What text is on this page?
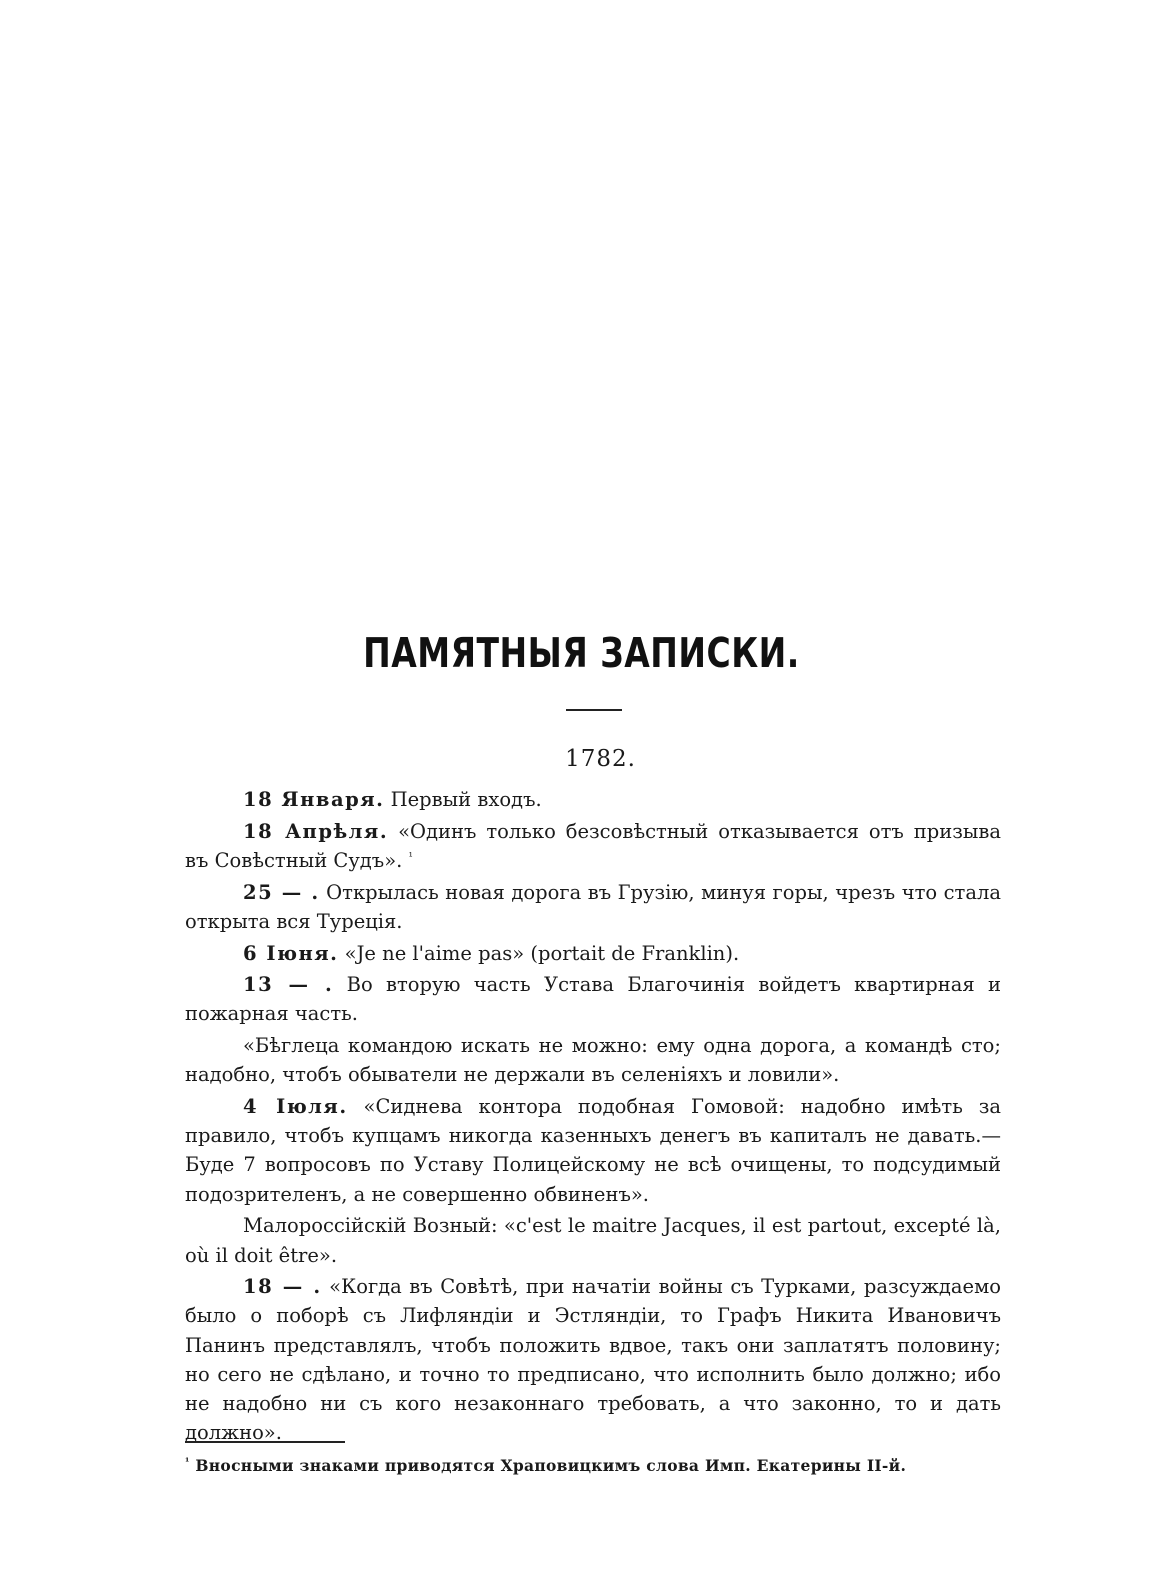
ПАМЯТНЫЯ ЗАПИСКИ.
1782.

18 Января. Первый входъ.

18 Апрѣля. «Одинъ только безсовѣстный отказывается отъ призыва въ Совѣстный Судъ». $^{^1}$

25 — . Открылась новая дорога въ Грузію, минуя горы, чрезъ что стала открыта вся Турецiя.

6 Іюня. «Je ne l'aime pas» (portait de Franklin).

13 — . Во вторую часть Устава Благочинія войдетъ квартирная и пожарная часть.

«Бѣглеца командою искать не можно: ему одна дорога, а командѣ сто; надобно, чтобъ обыватели не держали въ селеніяхъ и ловили».

4 Іюля. «Сиднева контора подобная Гомовой: надобно имѣть за правило, чтобъ купцамъ никогда казенныхъ денегъ въ капиталъ не давать.—Буде 7 вопросовъ по Уставу Полицейскому не всѣ очищены, то подсудимый подозрителенъ, а не совершенно обвиненъ».

Малороссійскій Возный: «c'est le maitre Jacques, il est partout, excepté là, où il doit être».

18 — . «Когда въ Совѣтѣ, при начатіи войны съ Турками, разсуждаемо было о поборѣ съ Лифляндіи и Эстляндіи, то Графъ Никита Ивановичъ Панинъ представлялъ, чтобъ положить вдвое, такъ они заплатятъ половину; но сего не сдѣлано, и точно то предписано, что исполнить было должно; ибо не надобно ни съ кого незаконнаго требовать, а что законно, то и дать должно».

$^{^1}$ Вносными знаками приводятся Храповицкимъ слова Имп. Екатерины II-й.
